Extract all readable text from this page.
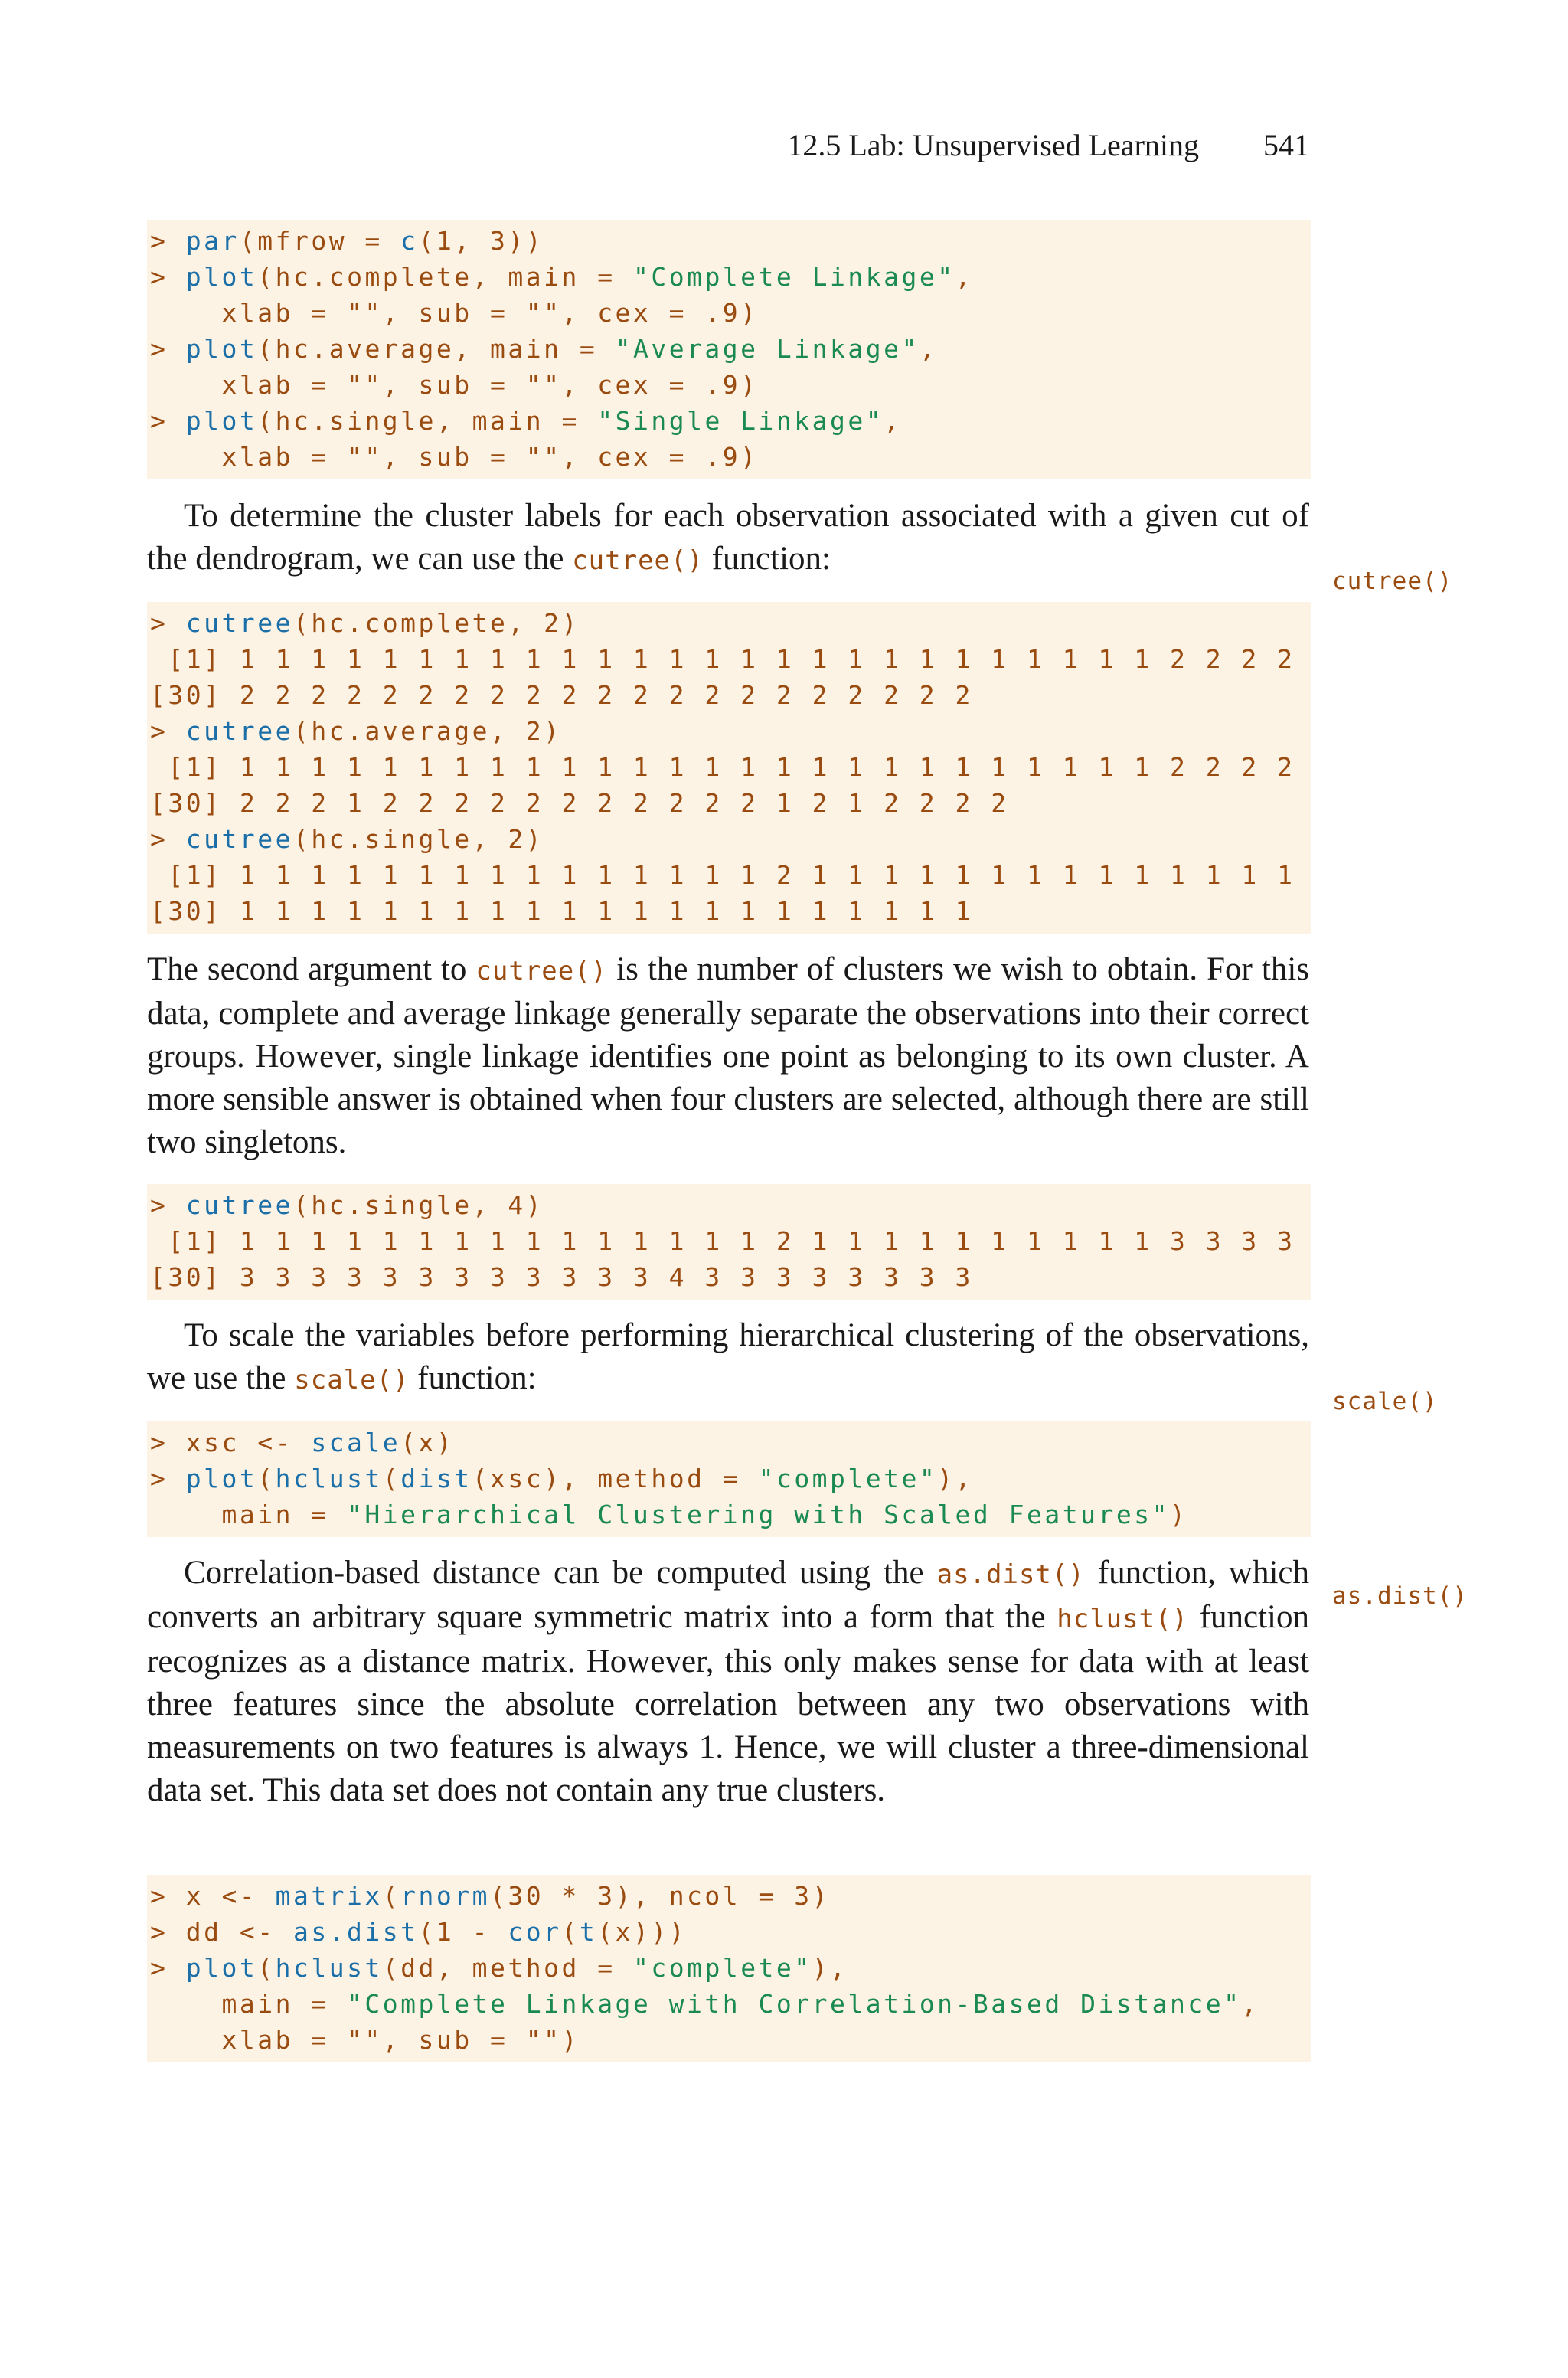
12.5 Lab: Unsupervised Learning 541
> par(mfrow = c(1, 3))
> plot(hc.complete, main = "Complete Linkage",
xlab = "", sub = "", cex = .9)
> plot(hc.average, main = "Average Linkage",
xlab = "", sub = "", cex = .9)
> plot(hc.single, main = "Single Linkage",
xlab = "", sub = "", cex = .9)

To determine the cluster labels for each observation associated with a given cut of the dendrogram, we can use the cutree() function:

cutree()
> cutree(hc.complete, 2)
[1] 1 1 1 1 1 1 1 1 1 1 1 1 1 1 1 1 1 1 1 1 1 1 1 1 1 1 2 2 2 2
[30] 2 2 2 2 2 2 2 2 2 2 2 2 2 2 2 2 2 2 2 2 2
> cutree(hc.average, 2)
[1] 1 1 1 1 1 1 1 1 1 1 1 1 1 1 1 1 1 1 1 1 1 1 1 1 1 1 2 2 2 2
[30] 2 2 2 1 2 2 2 2 2 2 2 2 2 2 2 1 2 1 2 2 2 2
> cutree(hc.single, 2)
[1] 1 1 1 1 1 1 1 1 1 1 1 1 1 1 1 2 1 1 1 1 1 1 1 1 1 1 1 1 1 1
[30] 1 1 1 1 1 1 1 1 1 1 1 1 1 1 1 1 1 1 1 1 1

The second argument to cutree() is the number of clusters we wish to obtain. For this data, complete and average linkage generally separate the observations into their correct groups. However, single linkage identifies one point as belonging to its own cluster. A more sensible answer is obtained when four clusters are selected, although there are still two singletons.

> cutree(hc.single, 4)
[1] 1 1 1 1 1 1 1 1 1 1 1 1 1 1 1 2 1 1 1 1 1 1 1 1 1 1 3 3 3 3
[30] 3 3 3 3 3 3 3 3 3 3 3 3 4 3 3 3 3 3 3 3 3

To scale the variables before performing hierarchical clustering of the observations, we use the scale() function:

scale()
> xsc <- scale(x)
> plot(hclust(dist(xsc), method = "complete"),
main = "Hierarchical Clustering with Scaled Features")

Correlation-based distance can be computed using the as.dist() function, which converts an arbitrary square symmetric matrix into a form that the hclust() function recognizes as a distance matrix. However, this only makes sense for data with at least three features since the absolute correlation between any two observations with measurements on two features is always 1. Hence, we will cluster a three-dimensional data set. This data set does not contain any true clusters.

as.dist()
> x <- matrix(rnorm(30 * 3), ncol = 3)
> dd <- as.dist(1 - cor(t(x)))
> plot(hclust(dd, method = "complete"),
main = "Complete Linkage with Correlation-Based Distance",
xlab = "", sub = "")
